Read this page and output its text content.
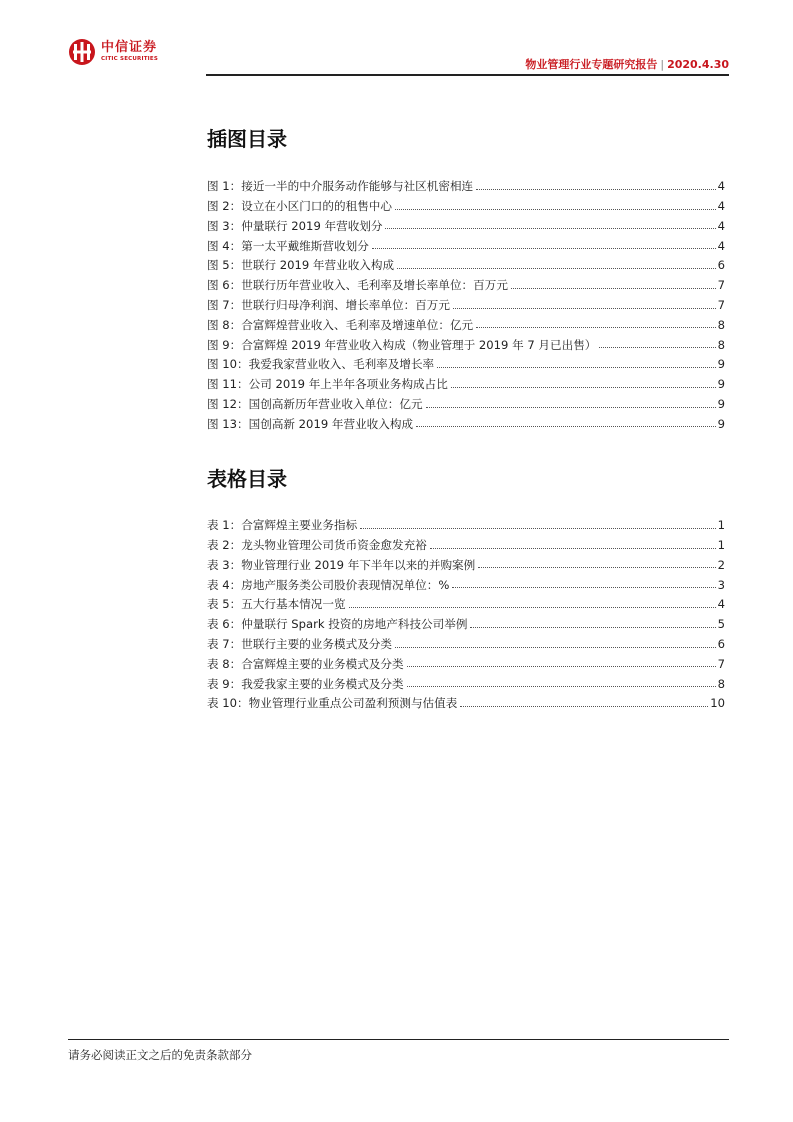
中信证券
CITIC SECURITIES	物业管理行业专题研究报告 | 2020.4.30
插图目录
图 1：接近一半的中介服务动作能够与社区机密相连	4
图 2：设立在小区门口的的租售中心	4
图 3：仲量联行 2019 年营收划分	4
图 4：第一太平戴维斯营收划分	4
图 5：世联行 2019 年营业收入构成	6
图 6：世联行历年营业收入、毛利率及增长率单位：百万元	7
图 7：世联行归母净利润、增长率单位：百万元	7
图 8：合富辉煌营业收入、毛利率及增速单位：亿元	8
图 9：合富辉煌 2019 年营业收入构成（物业管理于 2019 年 7 月已出售）	8
图 10：我爱我家营业收入、毛利率及增长率	9
图 11：公司 2019 年上半年各项业务构成占比	9
图 12：国创高新历年营业收入单位：亿元	9
图 13：国创高新 2019 年营业收入构成	9
表格目录
表 1：合富辉煌主要业务指标	1
表 2：龙头物业管理公司货币资金愈发充裕	1
表 3：物业管理行业 2019 年下半年以来的并购案例	2
表 4：房地产服务类公司股价表现情况单位：%	3
表 5：五大行基本情况一览	4
表 6：仲量联行 Spark 投资的房地产科技公司举例	5
表 7：世联行主要的业务模式及分类	6
表 8：合富辉煌主要的业务模式及分类	7
表 9：我爱我家主要的业务模式及分类	8
表 10：物业管理行业重点公司盈利预测与估值表	10
请务必阅读正文之后的免责条款部分
